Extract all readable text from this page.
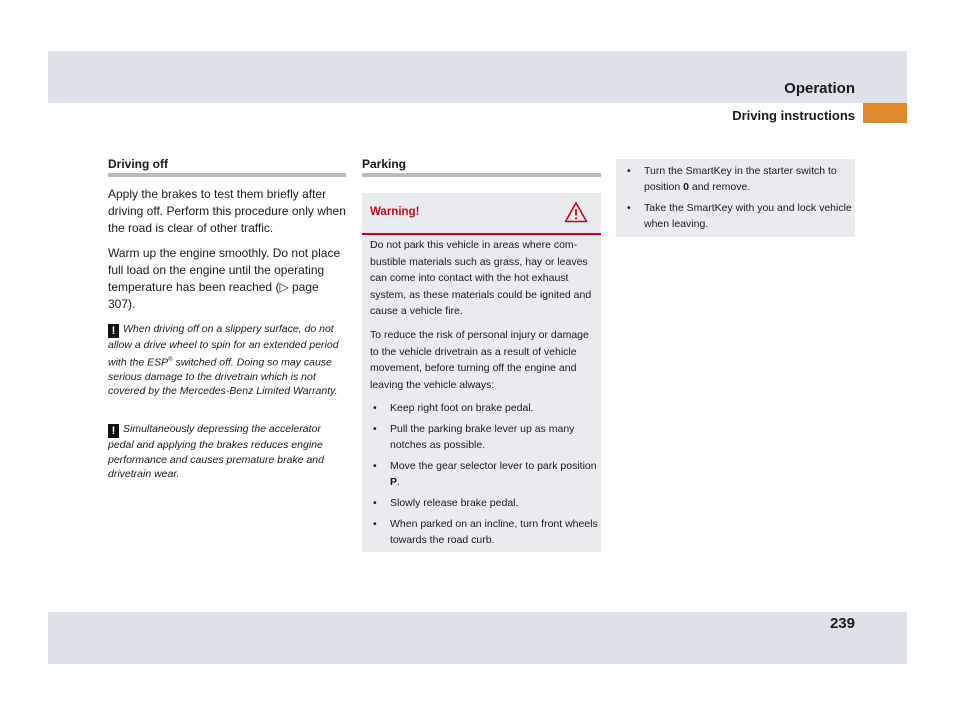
Operation
Driving instructions
239
Driving off

Apply the brakes to test them briefly after driving off. Perform this procedure only when the road is clear of other traffic.

Warm up the engine smoothly. Do not place full load on the engine until the operating temperature has been reached (▷ page 307).

! When driving off on a slippery surface, do not allow a drive wheel to spin for an extended period with the ESP® switched off. Doing so may cause serious damage to the drivetrain which is not covered by the Mercedes-Benz Limited Warranty.

! Simultaneously depressing the accelerator pedal and applying the brakes reduces engine performance and causes premature brake and drivetrain wear.

Parking
Warning!

Do not park this vehicle in areas where com-bustible materials such as grass, hay or leaves can come into contact with the hot exhaust system, as these materials could be ignited and cause a vehicle fire.

To reduce the risk of personal injury or damage to the vehicle drivetrain as a result of vehicle movement, before turning off the engine and leaving the vehicle always:

• Keep right foot on brake pedal.
• Pull the parking brake lever up as many notches as possible.
• Move the gear selector lever to park position P.
• Slowly release brake pedal.
• When parked on an incline, turn front wheels towards the road curb.
• Turn the SmartKey in the starter switch to position 0 and remove.
• Take the SmartKey with you and lock vehicle when leaving.
